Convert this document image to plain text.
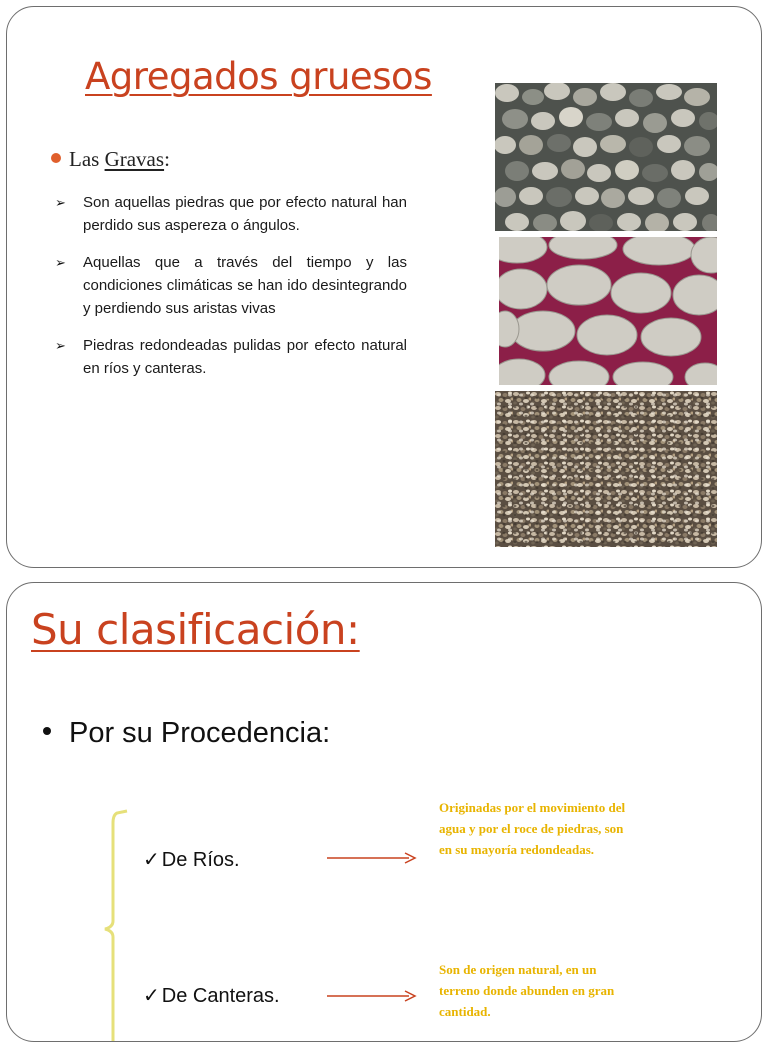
Agregados gruesos
Las Gravas:
➢ Son aquellas piedras que por efecto natural han perdido sus aspereza o ángulos.
➢ Aquellas que a través del tiempo y las condiciones climáticas se han ido desintegrando y perdiendo sus aristas vivas
➢ Piedras redondeadas pulidas por efecto natural en ríos y canteras.
Su clasificación:
Por su Procedencia:
✓ De Ríos.
Originadas por el movimiento del agua y por el roce de piedras, son en su mayoría redondeadas.
✓ De Canteras.
Son de origen natural, en un terreno donde abunden en gran cantidad.
